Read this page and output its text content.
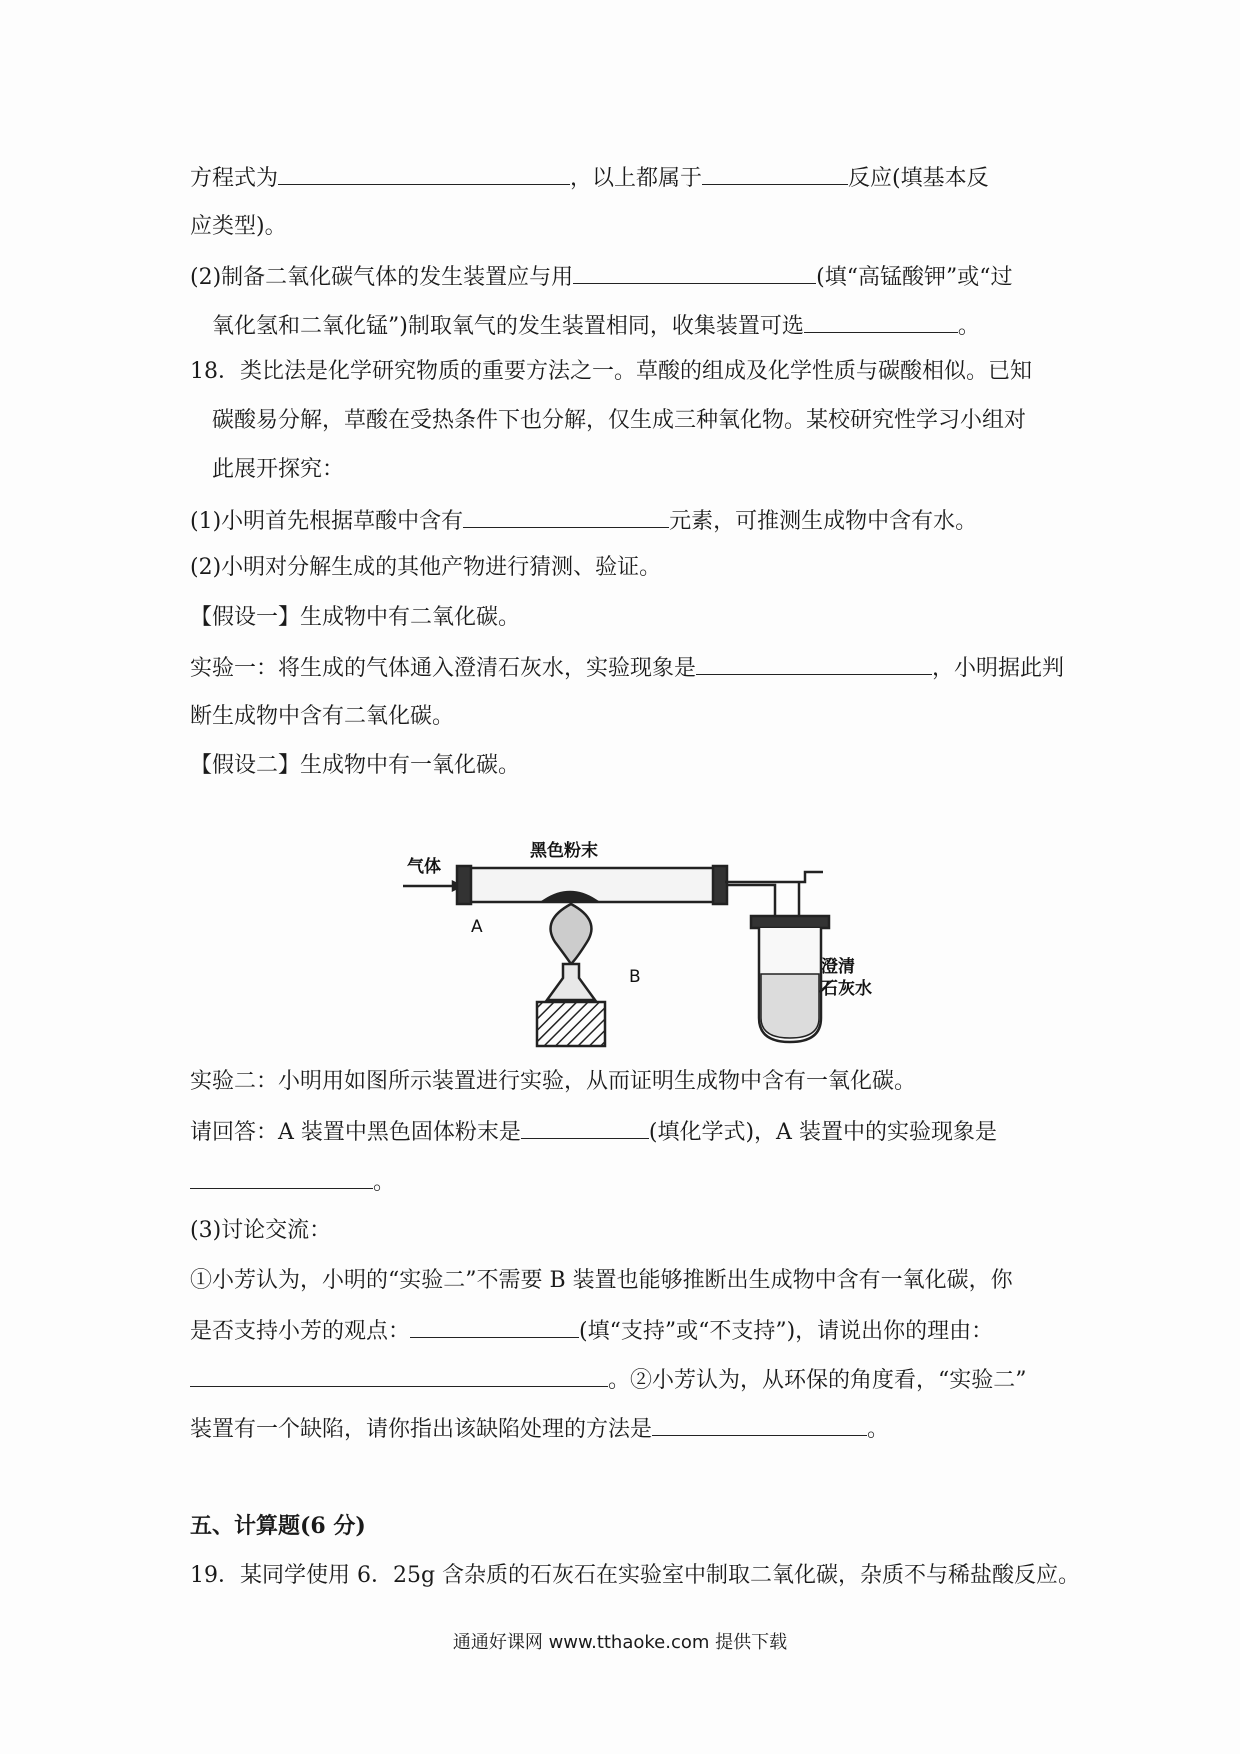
方程式为	，以上都属于	反应(填基本反
应类型)。
(2)制备二氧化碳气体的发生装置应与用	(填“高锰酸钾”或“过
氧化氢和二氧化锰”)制取氧气的发生装置相同，收集装置可选	。
18．类比法是化学研究物质的重要方法之一。草酸的组成及化学性质与碳酸相似。已知
碳酸易分解，草酸在受热条件下也分解，仅生成三种氧化物。某校研究性学习小组对
此展开探究：
(1)小明首先根据草酸中含有	元素，可推测生成物中含有水。
(2)小明对分解生成的其他产物进行猜测、验证。
【假设一】生成物中有二氧化碳。
实验一：将生成的气体通入澄清石灰水，实验现象是	，小明据此判
断生成物中含有二氧化碳。
【假设二】生成物中有一氧化碳。
气体
黑色粉末
A
B	澄清
石灰水
实验二：小明用如图所示装置进行实验，从而证明生成物中含有一氧化碳。
请回答：A 装置中黑色固体粉末是	(填化学式)，A 装置中的实验现象是
。
(3)讨论交流：
①小芳认为，小明的“实验二”不需要 B 装置也能够推断出生成物中含有一氧化碳，你
是否支持小芳的观点：	(填“支持”或“不支持”)，请说出你的理由：
。②小芳认为，从环保的角度看，“实验二”
装置有一个缺陷，请你指出该缺陷处理的方法是	。
五、计算题(6 分)
19．某同学使用 6．25g 含杂质的石灰石在实验室中制取二氧化碳，杂质不与稀盐酸反应。
通通好课网 www.tthaoke.com 提供下载
